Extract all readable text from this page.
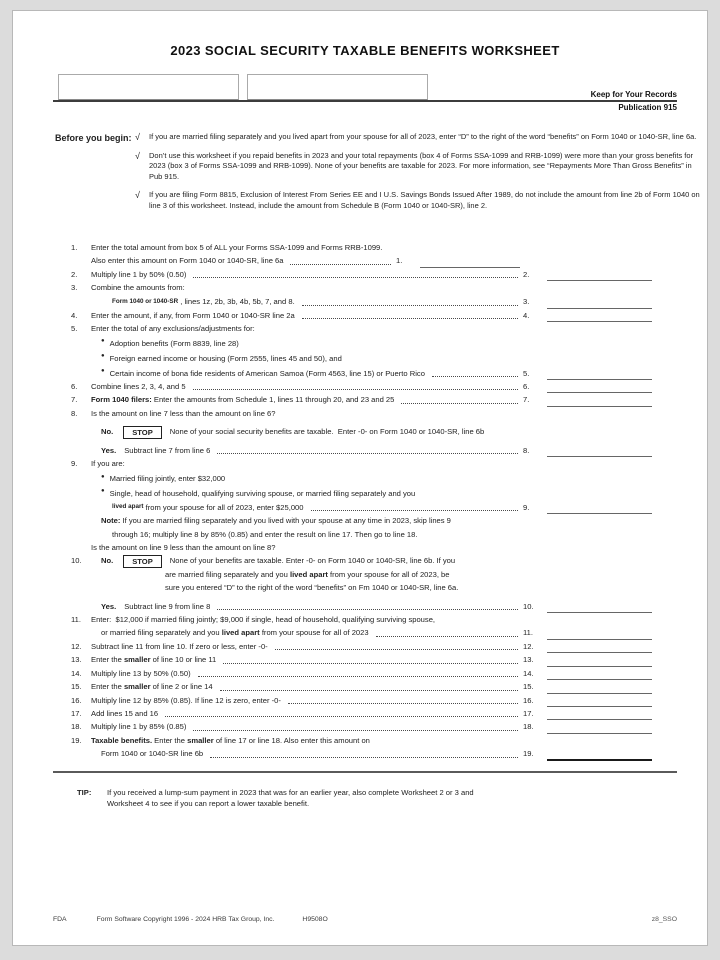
2023 SOCIAL SECURITY TAXABLE BENEFITS WORKSHEET
Keep for Your Records
Publication 915
Before you begin: √	If you are married filing separately and you lived apart from your spouse for all of 2023, enter “D” to the right of the word “benefits” on Form 1040 or 1040-SR, line 6a.
√	Don’t use this worksheet if you repaid benefits in 2023 and your total repayments (box 4 of Forms SSA-1099 and RRB-1099) were more than your gross benefits for 2023 (box 3 of Forms SSA-1099 and RRB-1099). None of your benefits are taxable for 2023. For more information, see “Repayments More Than Gross Benefits” in Pub 915.
√	If you are filing Form 8815, Exclusion of Interest From Series EE and I U.S. Savings Bonds Issued After 1989, do not include the amount from line 2b of Form 1040 on line 3 of this worksheet. Instead, include the amount from Schedule B (Form 1040 or 1040-SR), line 2.
1.	Enter the total amount from box 5 of ALL your Forms SSA-1099 and Forms RRB-1099.
Also enter this amount on Form 1040 or 1040-SR, line 6a	1.
2.	Multiply line 1 by 50% (0.50)	2.
3.	Combine the amounts from:
Form 1040 or 1040-SR , lines 1z, 2b, 3b, 4b, 5b, 7, and 8.	3.
4.	Enter the amount, if any, from Form 1040 or 1040-SR line 2a	4.
5.	Enter the total of any exclusions/adjustments for:
● Adoption benefits (Form 8839, line 28)
● Foreign earned income or housing (Form 2555, lines 45 and 50), and
● Certain income of bona fide residents of American Samoa (Form 4563, line 15) or Puerto Rico	5.
6.	Combine lines 2, 3, 4, and 5	6.
7.	Form 1040 filers: Enter the amounts from Schedule 1, lines 11 through 20, and 23 and 25	7.
8.	Is the amount on line 7 less than the amount on line 6?
No.	STOP	None of your social security benefits are taxable.  Enter -0- on Form 1040 or 1040-SR, line 6b
Yes. Subtract line 7 from line 6	8.
9.	If you are:
● Married filing jointly, enter $32,000
● Single, head of household, qualifying surviving spouse, or married filing separately and you
lived apart from your spouse for all of 2023, enter $25,000	9.
Note: If you are married filing separately and you lived with your spouse at any time in 2023, skip lines 9
through 16; multiply line 8 by 85% (0.85) and enter the result on line 17. Then go to line 18.
Is the amount on line 9 less than the amount on line 8?
10.	No.	STOP	None of your benefits are taxable. Enter -0- on Form 1040 or 1040-SR, line 6b. If you
are married filing separately and you lived apart from your spouse for all of 2023, be
sure you entered “D” to the right of the word “benefits” on Fm 1040 or 1040-SR, line 6a.
Yes. Subtract line 9 from line 8	10.
11.	Enter:  $12,000 if married filing jointly; $9,000 if single, head of household, qualifying surviving spouse,
or married filing separately and you lived apart from your spouse for all of 2023	11.
12.	Subtract line 11 from line 10. If zero or less, enter -0-	12.
13.	Enter the smaller of line 10 or line 11	13.
14.	Multiply line 13 by 50% (0.50)	14.
15.	Enter the smaller of line 2 or line 14	15.
16.	Multiply line 12 by 85% (0.85). If line 12 is zero, enter -0-	16.
17.	Add lines 15 and 16	17.
18.	Multiply line 1 by 85% (0.85)	18.
19.	Taxable benefits. Enter the smaller of line 17 or line 18. Also enter this amount on
Form 1040 or 1040-SR line 6b	19.
TIP:	If you received a lump-sum payment in 2023 that was for an earlier year, also complete Worksheet 2 or 3 and Worksheet 4 to see if you can report a lower taxable benefit.
FDA	Form Software Copyright 1996 - 2024 HRB Tax Group, Inc.	H9508O	z8_SSO
